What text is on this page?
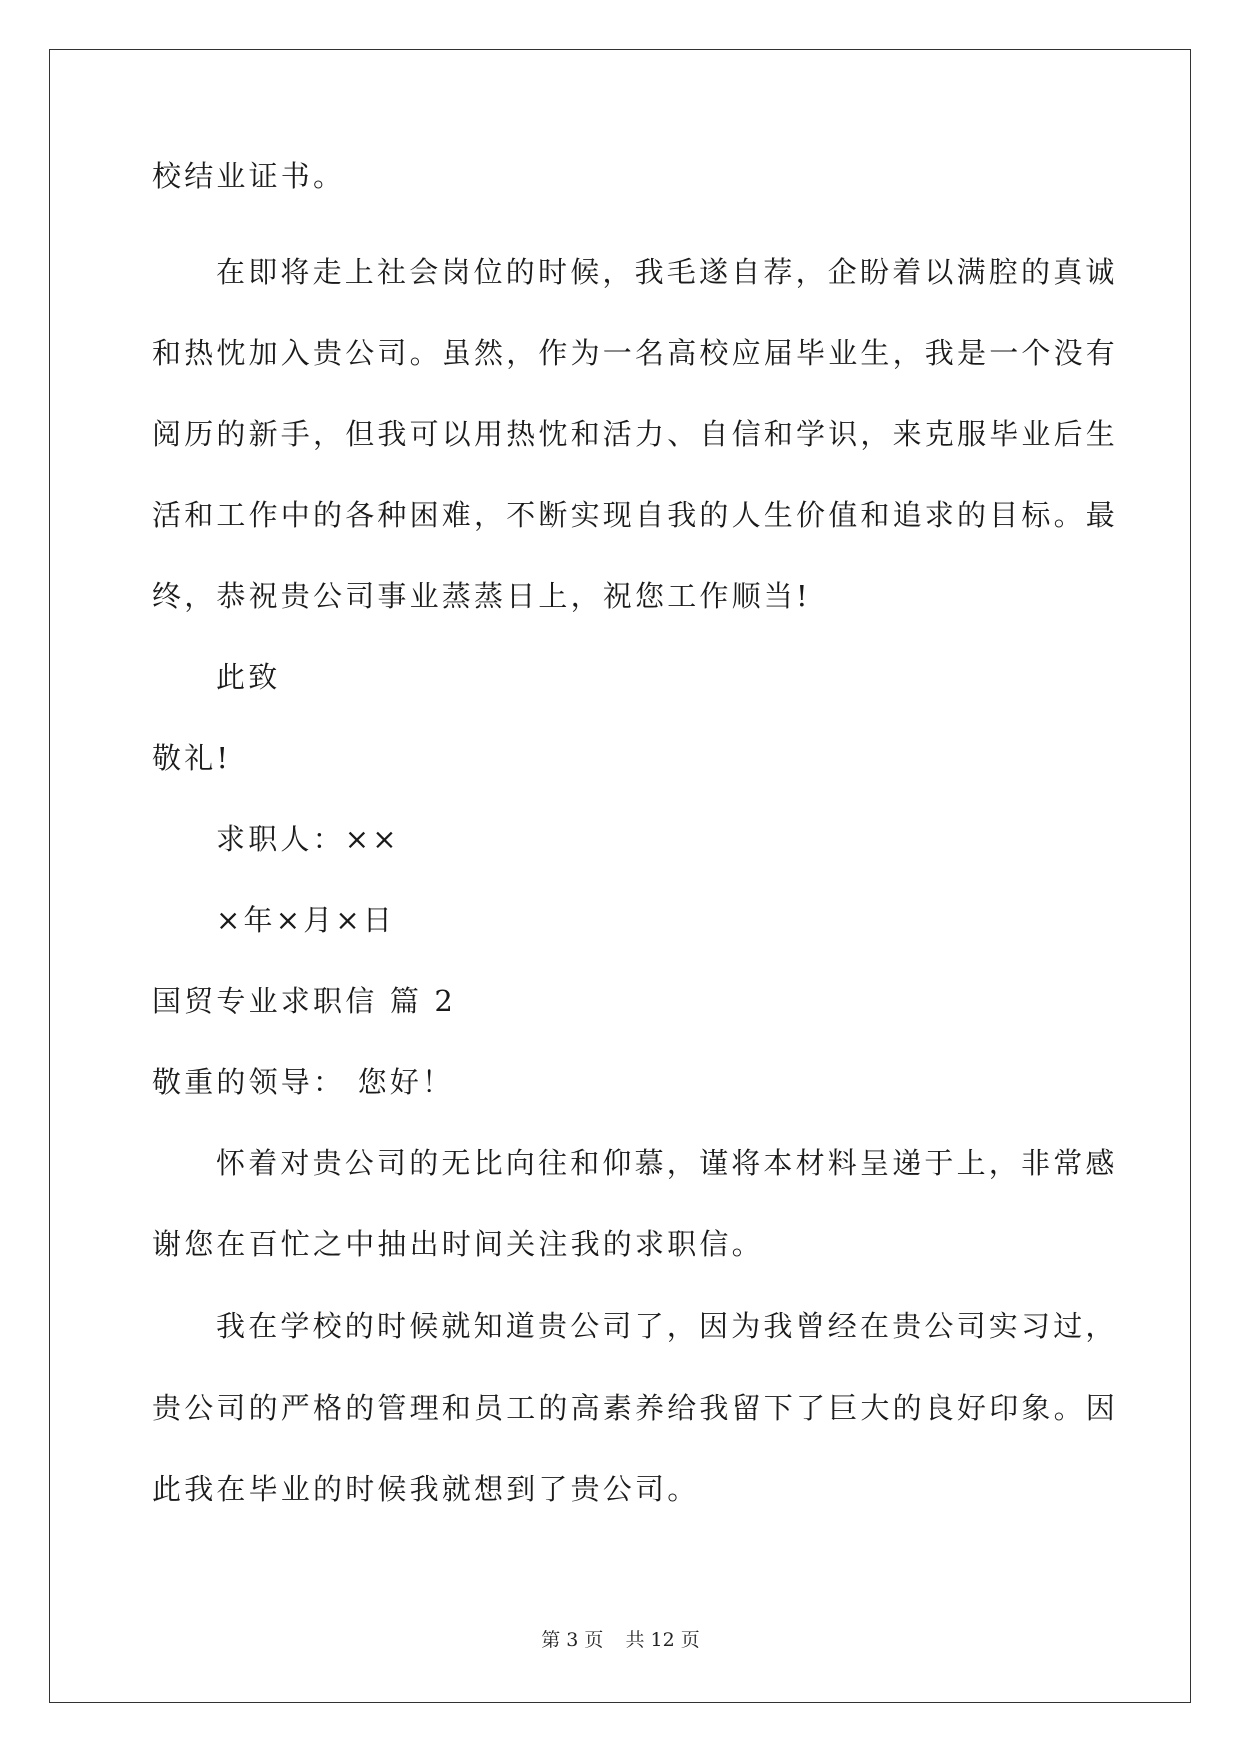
校结业证书。
在即将走上社会岗位的时候，我毛遂自荐，企盼着以满腔的真诚
和热忱加入贵公司。虽然，作为一名高校应届毕业生，我是一个没有
阅历的新手，但我可以用热忱和活力、自信和学识，来克服毕业后生
活和工作中的各种困难，不断实现自我的人生价值和追求的目标。最
终，恭祝贵公司事业蒸蒸日上，祝您工作顺当!
此致
敬礼!
求职人：××
×年×月×日
国贸专业求职信 篇 2
敬重的领导： 您好！
怀着对贵公司的无比向往和仰慕，谨将本材料呈递于上，非常感
谢您在百忙之中抽出时间关注我的求职信。
我在学校的时候就知道贵公司了，因为我曾经在贵公司实习过，
贵公司的严格的管理和员工的高素养给我留下了巨大的良好印象。因
此我在毕业的时候我就想到了贵公司。
第 3 页 共 12 页
